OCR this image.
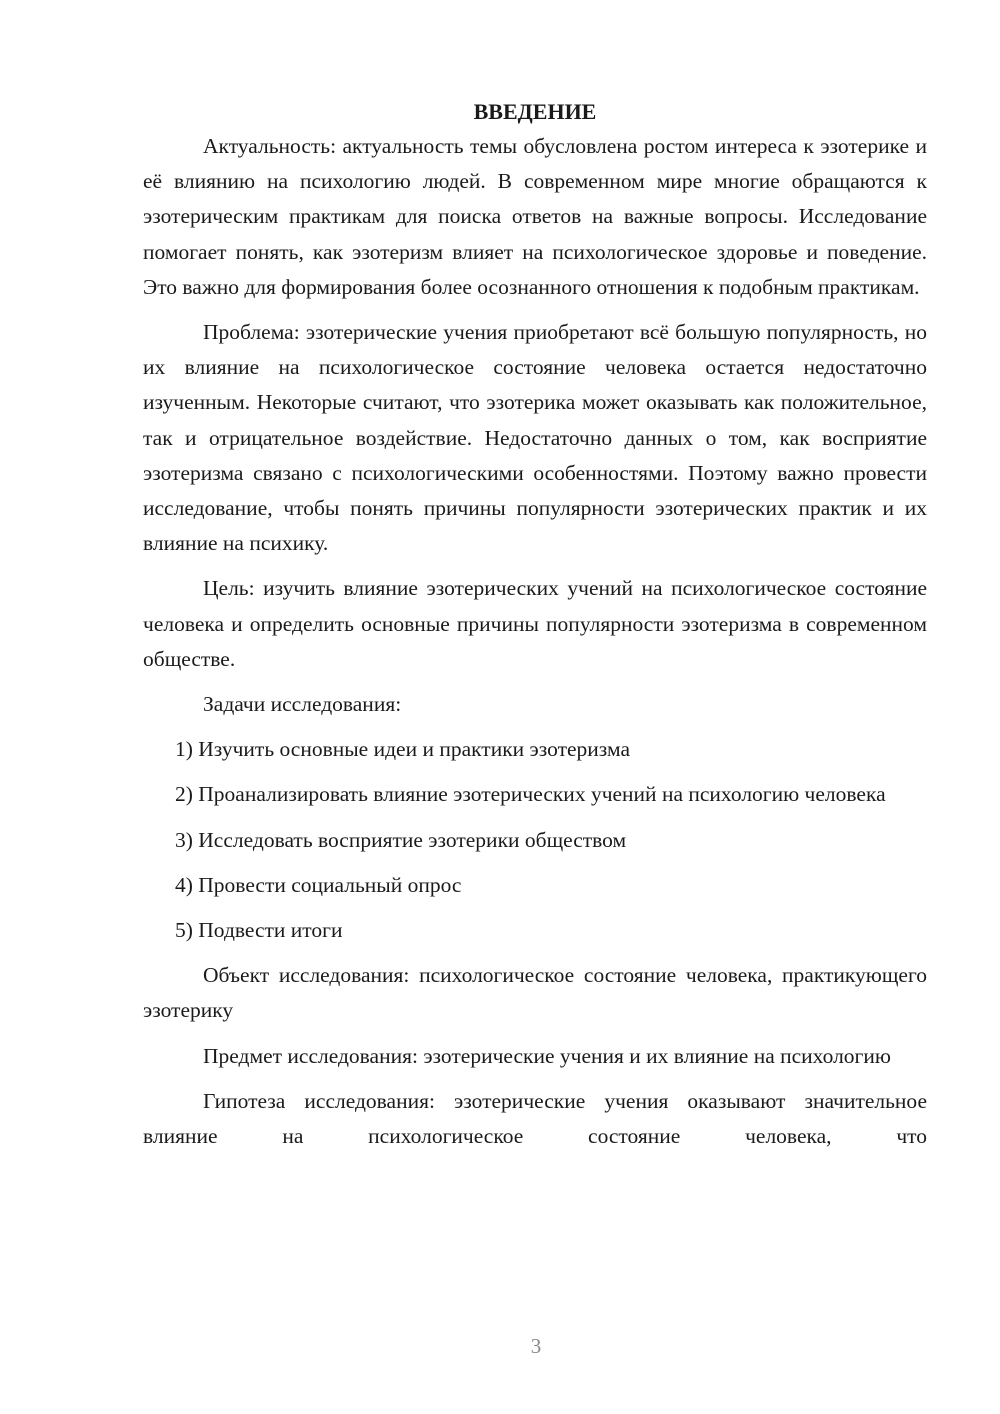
ВВЕДЕНИЕ

Актуальность: актуальность темы обусловлена ростом интереса к эзотерике и её влиянию на психологию людей. В современном мире многие обращаются к эзотерическим практикам для поиска ответов на важные вопросы. Исследование помогает понять, как эзотеризм влияет на психологическое здоровье и поведение. Это важно для формирования более осознанного отношения к подобным практикам.

Проблема: эзотерические учения приобретают всё большую популярность, но их влияние на психологическое состояние человека остается недостаточно изученным. Некоторые считают, что эзотерика может оказывать как положительное, так и отрицательное воздействие. Недостаточно данных о том, как восприятие эзотеризма связано с психологическими особенностями. Поэтому важно провести исследование, чтобы понять причины популярности эзотерических практик и их влияние на психику.

Цель: изучить влияние эзотерических учений на психологическое состояние человека и определить основные причины популярности эзотеризма в современном обществе.

Задачи исследования:

1) Изучить основные идеи и практики эзотеризма

2) Проанализировать влияние эзотерических учений на психологию человека

3) Исследовать восприятие эзотерики обществом

4) Провести социальный опрос

5) Подвести итоги

Объект исследования: психологическое состояние человека, практикующего эзотерику

Предмет исследования: эзотерические учения и их влияние на психологию

Гипотеза исследования: эзотерические учения оказывают значительное влияние на психологическое состояние человека, что

3
